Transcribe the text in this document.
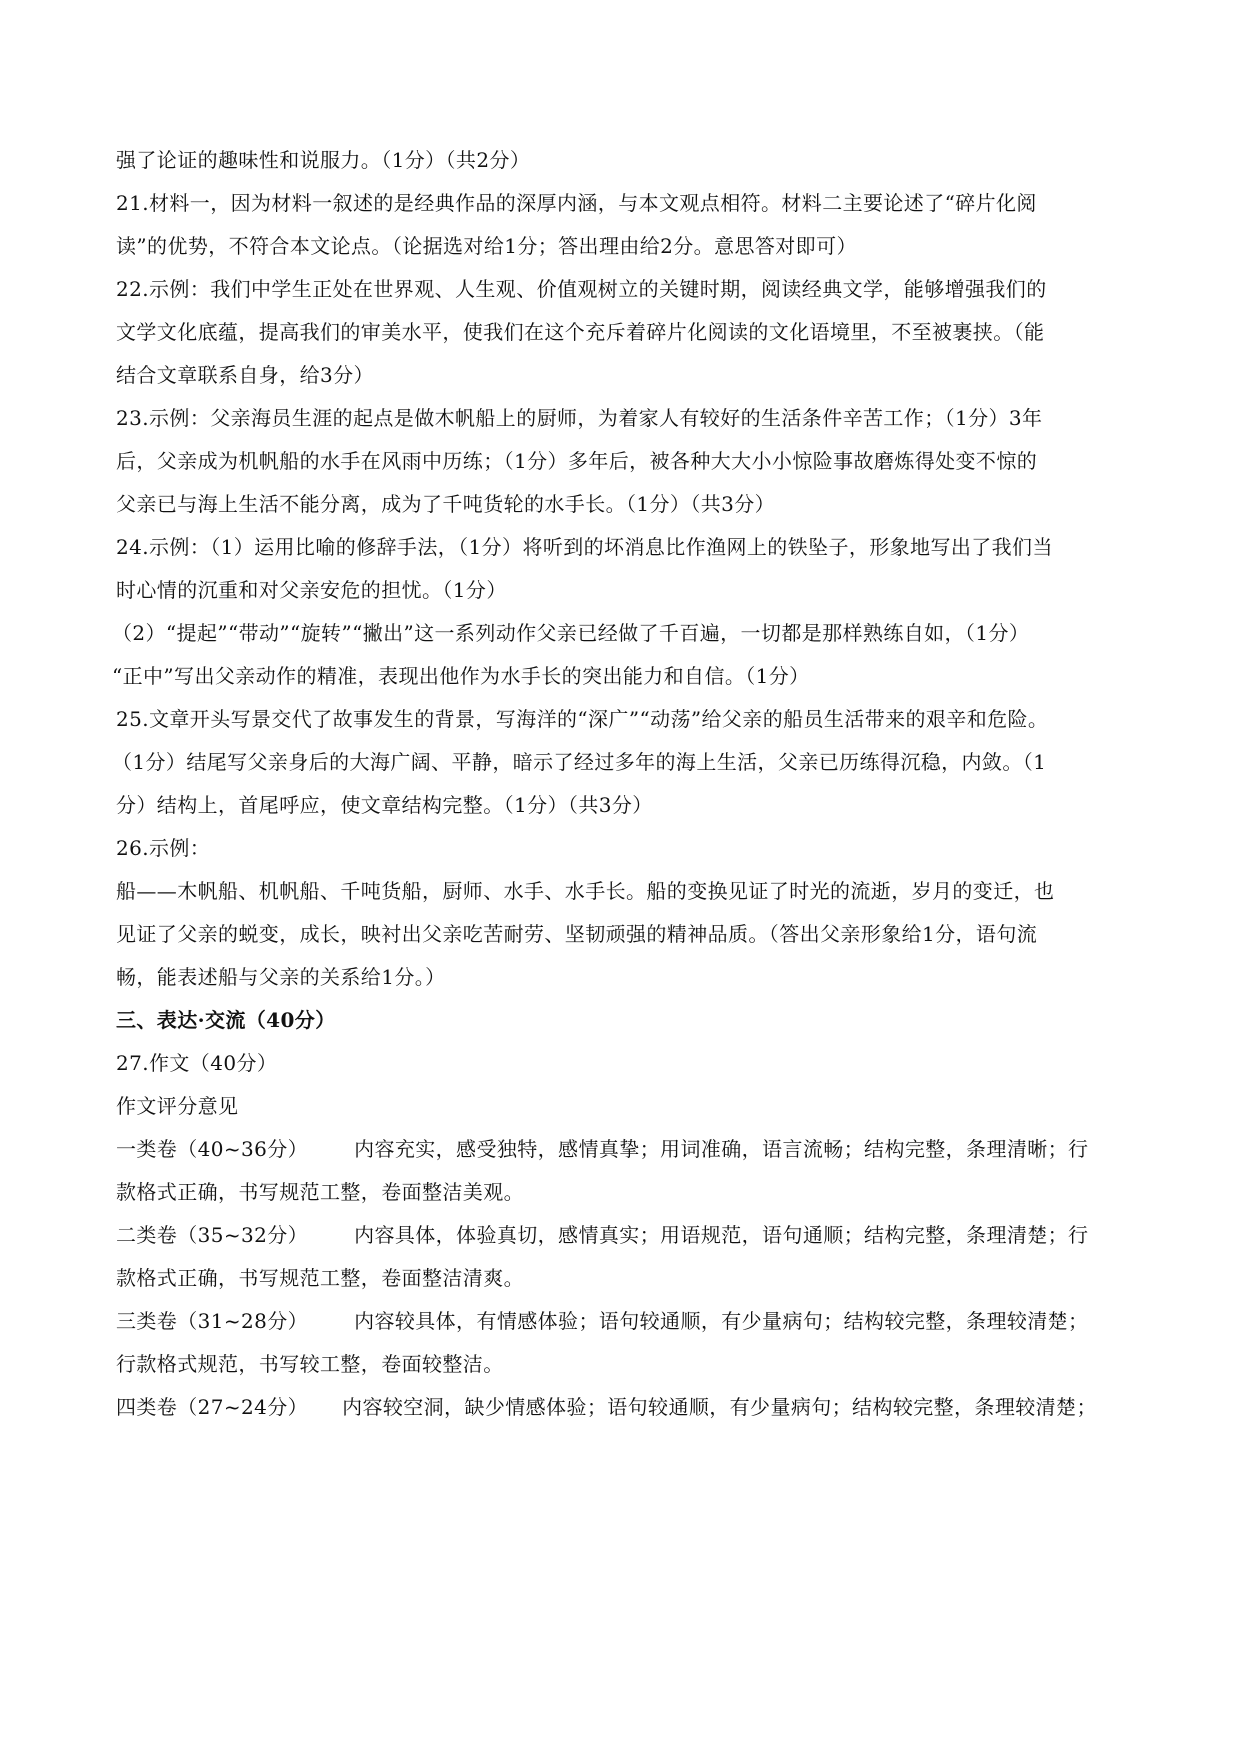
强了论证的趣味性和说服力。（1分）（共2分）
21.材料一，因为材料一叙述的是经典作品的深厚内涵，与本文观点相符。材料二主要论述了“碎片化阅
读”的优势，不符合本文论点。（论据选对给1分；答出理由给2分。意思答对即可）
22.示例：我们中学生正处在世界观、人生观、价值观树立的关键时期，阅读经典文学，能够增强我们的
文学文化底蕴，提高我们的审美水平，使我们在这个充斥着碎片化阅读的文化语境里，不至被裹挟。（能
结合文章联系自身，给3分）
23.示例：父亲海员生涯的起点是做木帆船上的厨师，为着家人有较好的生活条件辛苦工作；（1分）3年
后，父亲成为机帆船的水手在风雨中历练；（1分）多年后，被各种大大小小惊险事故磨炼得处变不惊的
父亲已与海上生活不能分离，成为了千吨货轮的水手长。（1分）（共3分）
24.示例：（1）运用比喻的修辞手法，（1分）将听到的坏消息比作渔网上的铁坠子，形象地写出了我们当
时心情的沉重和对父亲安危的担忧。（1分）
（2）“提起”“带动”“旋转”“撇出”这一系列动作父亲已经做了千百遍，一切都是那样熟练自如，（1分）
“正中”写出父亲动作的精准，表现出他作为水手长的突出能力和自信。（1分）
25.文章开头写景交代了故事发生的背景，写海洋的“深广”“动荡”给父亲的船员生活带来的艰辛和危险。
（1分）结尾写父亲身后的大海广阔、平静，暗示了经过多年的海上生活，父亲已历练得沉稳，内敛。（1
分）结构上，首尾呼应，使文章结构完整。（1分）（共3分）
26.示例：
船——木帆船、机帆船、千吨货船，厨师、水手、水手长。船的变换见证了时光的流逝，岁月的变迁，也
见证了父亲的蜕变，成长，映衬出父亲吃苦耐劳、坚韧顽强的精神品质。（答出父亲形象给1分，语句流
畅，能表述船与父亲的关系给1分。）
三、表达·交流（40分）
27.作文（40分）
作文评分意见
一类卷（40~36分） 内容充实，感受独特，感情真挚；用词准确，语言流畅；结构完整，条理清晰；行
款格式正确，书写规范工整，卷面整洁美观。
二类卷（35~32分） 内容具体，体验真切，感情真实；用语规范，语句通顺；结构完整，条理清楚；行
款格式正确，书写规范工整，卷面整洁清爽。
三类卷（31~28分） 内容较具体，有情感体验；语句较通顺，有少量病句；结构较完整，条理较清楚；
行款格式规范，书写较工整，卷面较整洁。
四类卷（27~24分） 内容较空洞，缺少情感体验；语句较通顺，有少量病句；结构较完整，条理较清楚；
